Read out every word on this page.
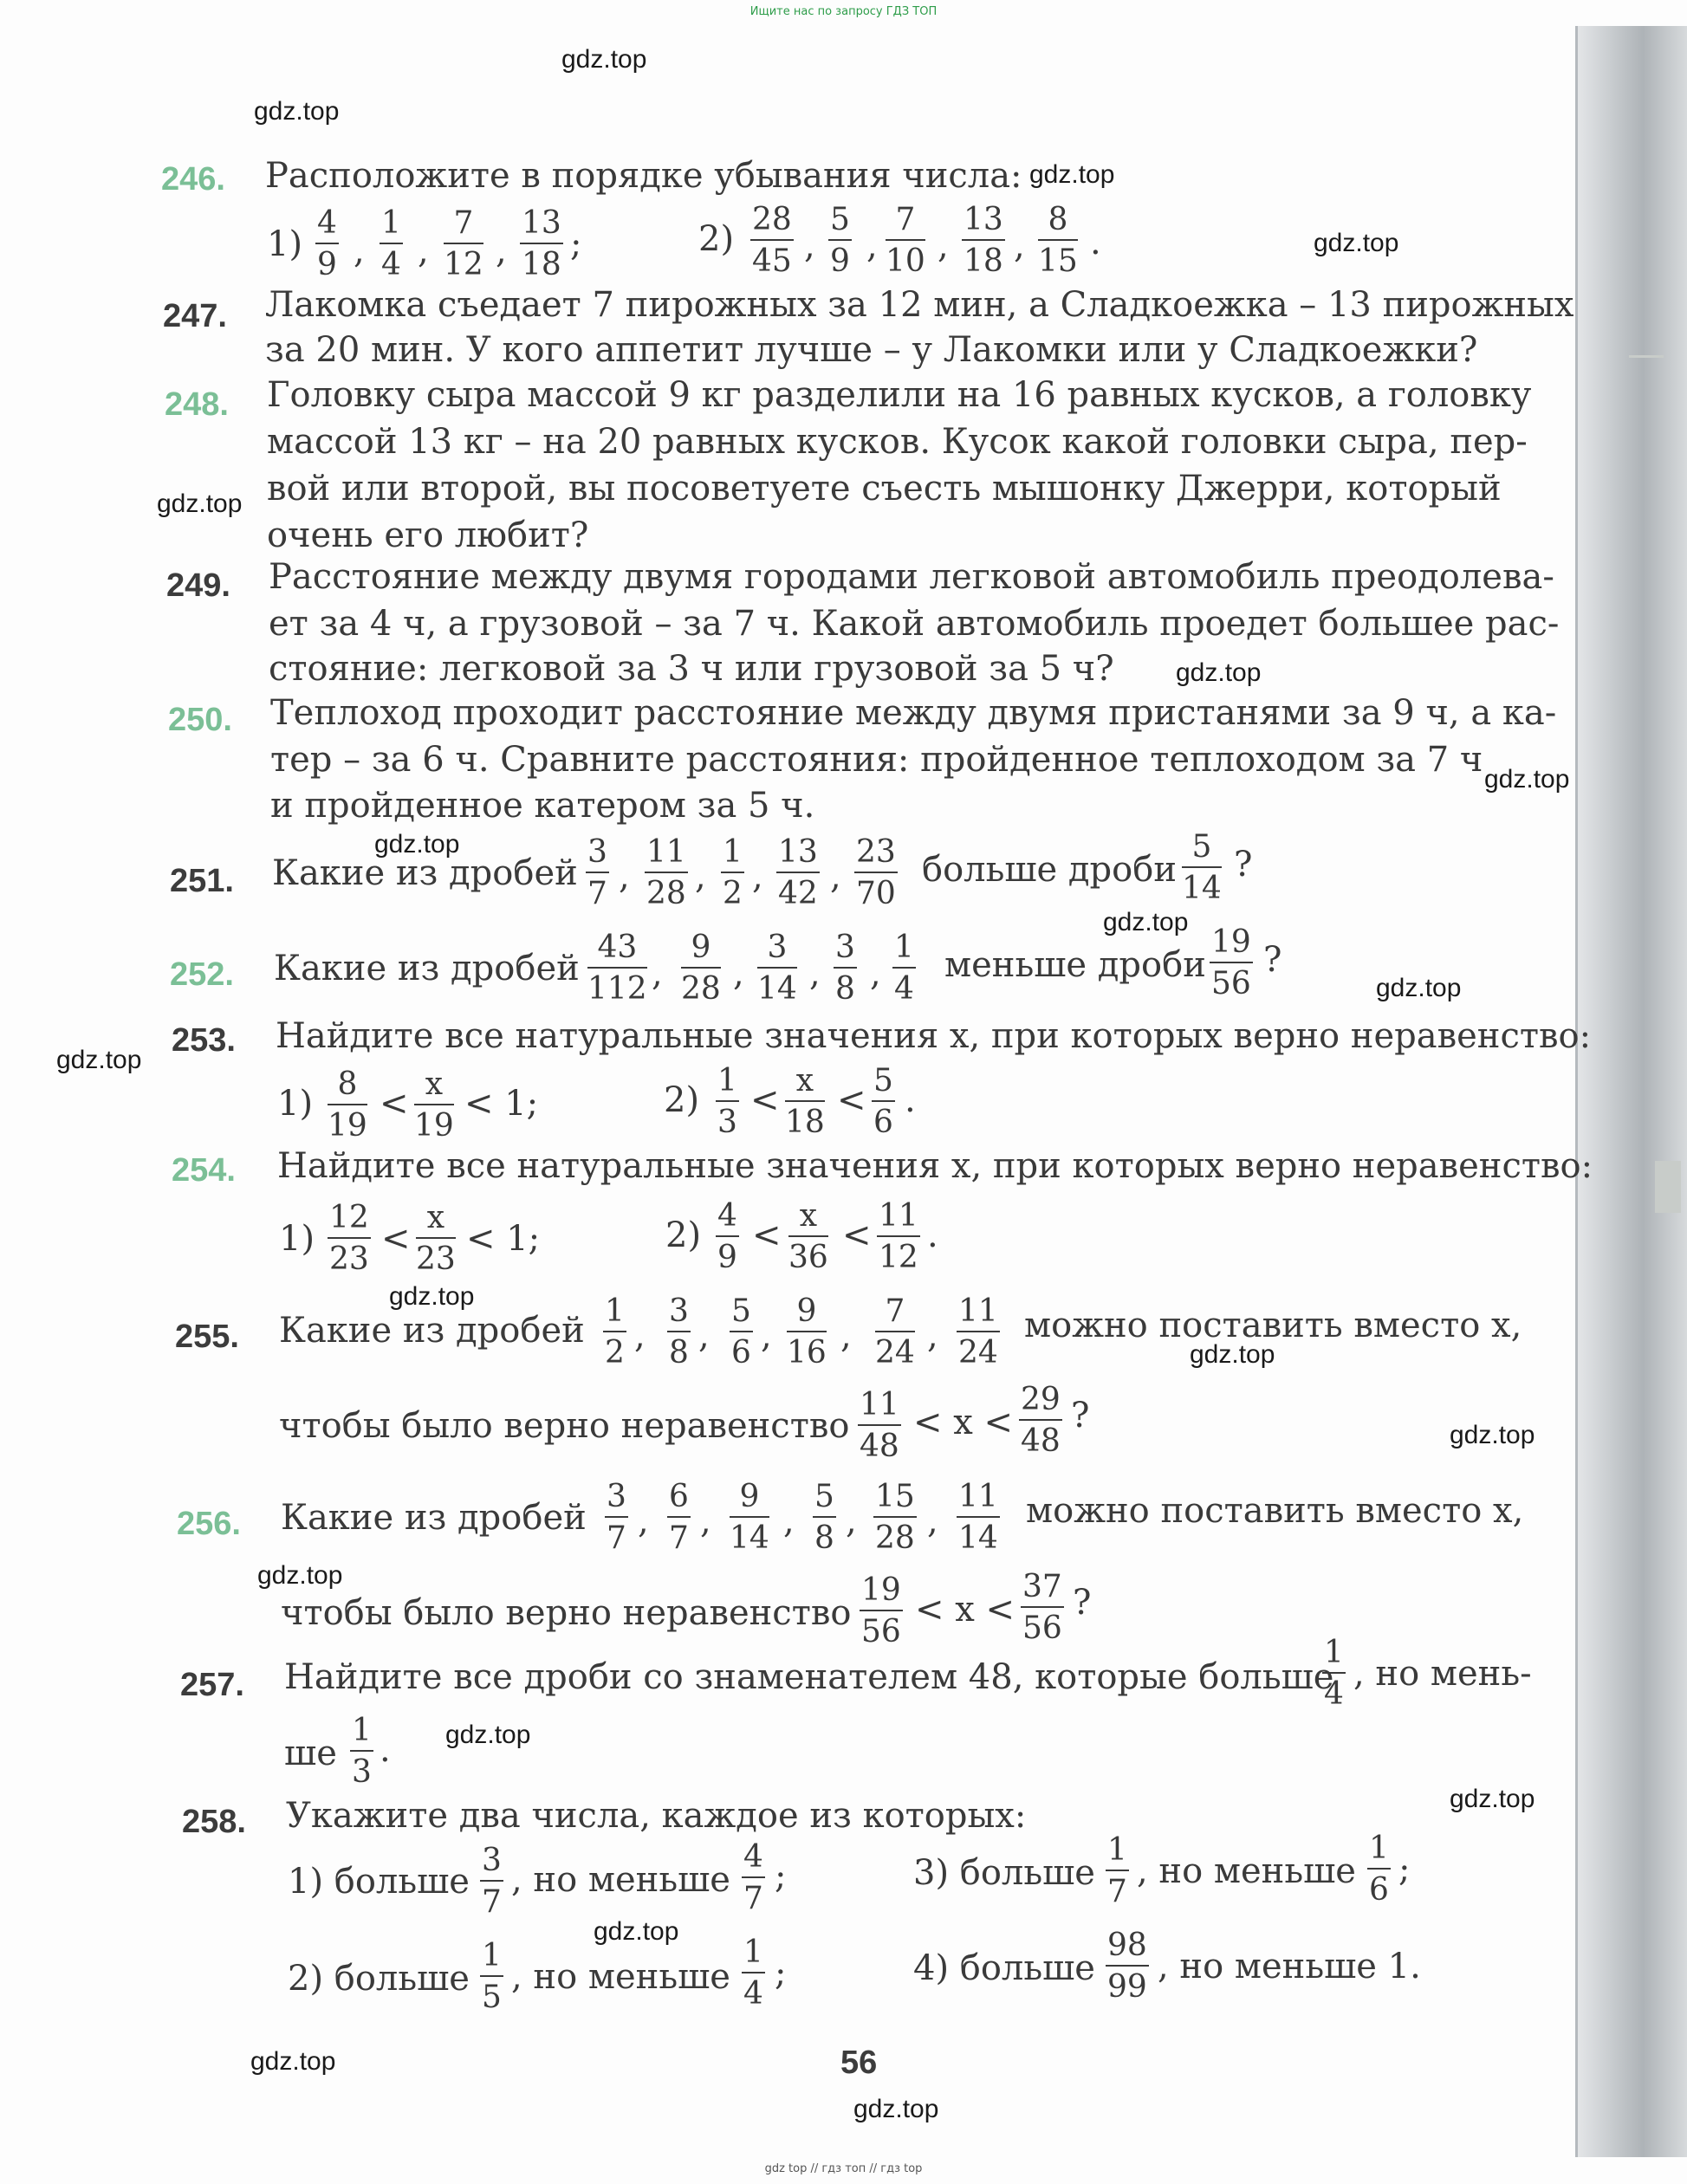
Ищите нас по запросу ГДЗ ТОП
gdz.top
gdz.top
gdz.top
gdz.top
gdz.top
gdz.top
gdz.top
gdz.top
gdz.top
gdz.top
gdz.top
gdz.top
gdz.top
gdz.top
gdz.top
gdz.top
gdz.top
gdz.top
gdz.top
gdz.top
246. Расположите в порядке убывания числа:
1)
4
9 ,
1
4 ,
7
12 ,
13
18
;	2) 28
45 ,
5
9 ,
7
10 ,
13
18 ,
8
15 .
247. Лакомка съедает 7 пирожных за 12 мин, а Сладкоежка – 13 пирожных
за 20 мин. У кого аппетит лучше – у Лакомки или у Сладкоежки?
248. Головку сыра массой 9 кг разделили на 16 равных кусков, а головку
массой 13 кг – на 20 равных кусков. Кусок какой головки сыра, пер-
вой или второй, вы посоветуете съесть мышонку Джерри, который
очень его любит?
249. Расстояние между двумя городами легковой автомобиль преодолева-
ет за 4 ч, а грузовой – за 7 ч. Какой автомобиль проедет большее рас-
стояние: легковой за 3 ч или грузовой за 5 ч?
250. Теплоход проходит расстояние между двумя пристанями за 9 ч, а ка-
тер – за 6 ч. Сравните расстояния: пройденное теплоходом за 7 ч
и пройденное катером за 5 ч.
251. Какие из дробей
3
7 ,
11
28 ,
1
2 ,
13
42 ,
23
70
больше дроби
5
14
?
252. Какие из дробей
43
112 ,
9
28 ,
3
14 ,
3
8 ,
1
4
меньше дроби
19
56
?
253. Найдите все натуральные значения x, при которых верно неравенство:
1) 8
19
< x
19
< 1;	2) 1
3
< x
18
< 5
6
.
254. Найдите все натуральные значения x, при которых верно неравенство:
1)
12
23
<
x
23
< 1;	2) 4
9
< x
36
< 11
12
.
255. Какие из дробей 1
2 ,
3
8 ,
5
6 ,
9
16 ,
7
24 ,
11
24
можно поставить вместо x,
чтобы было верно неравенство
11
48
< x <
29
48
?
256. Какие из дробей
3
7 ,
6
7 ,
9
14 ,
5
8 ,
15
28 ,
11
14
можно поставить вместо x,
чтобы было верно неравенство
19
56
< x <
37
56
?
257. Найдите все дроби со знаменателем 48, которые больше
1
4
, но мень-
ше
1
3
.
258. Укажите два числа, каждое из которых:
1) больше
3
7
, но меньше
4
7
;
2) больше
1
5
, но меньше
1
4
;
3) больше
1
7
, но меньше
1
6
;
4) больше
98
99
, но меньше 1.
56
gdz top // гдз топ // гдз top
